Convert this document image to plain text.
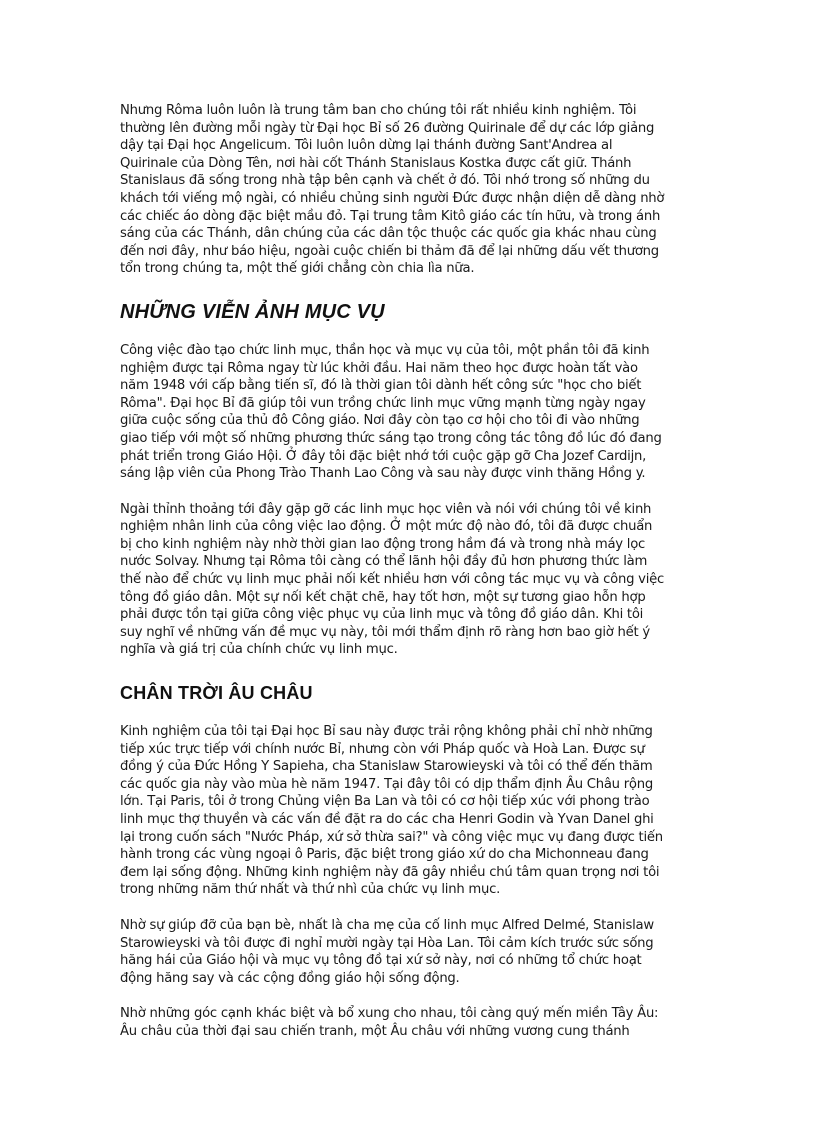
Nhưng Rôma luôn luôn là trung tâm ban cho chúng tôi rất nhiều kinh nghiệm. Tôi
thường lên đường mỗi ngày từ Đại học Bỉ số 26 đường Quirinale để dự các lớp giảng
dậy tại Đại học Angelicum. Tôi luôn luôn dừng lại thánh đường Sant'Andrea al
Quirinale của Dòng Tên, nơi hài cốt Thánh Stanislaus Kostka được cất giữ. Thánh
Stanislaus đã sống trong nhà tập bên cạnh và chết ở đó. Tôi nhớ trong số những du
khách tới viếng mộ ngài, có nhiều chủng sinh người Đức được nhận diện dễ dàng nhờ
các chiếc áo dòng đặc biệt mầu đỏ. Tại trung tâm Kitô giáo các tín hữu, và trong ánh
sáng của các Thánh, dân chúng của các dân tộc thuộc các quốc gia khác nhau cùng
đến nơi đây, như báo hiệu, ngoài cuộc chiến bi thảm đã để lại những dấu vết thương
tổn trong chúng ta, một thế giới chẳng còn chia lìa nữa.
NHỮNG VIỄN ẢNH MỤC VỤ
Công việc đào tạo chức linh mục, thần học và mục vụ của tôi, một phần tôi đã kinh
nghiệm được tại Rôma ngay từ lúc khởi đầu. Hai năm theo học được hoàn tất vào
năm 1948 với cấp bằng tiến sĩ, đó là thời gian tôi dành hết công sức "học cho biết
Rôma". Đại học Bỉ đã giúp tôi vun trồng chức linh mục vững mạnh từng ngày ngay
giữa cuộc sống của thủ đô Công giáo. Nơi đây còn tạo cơ hội cho tôi đi vào những
giao tiếp với một số những phương thức sáng tạo trong công tác tông đồ lúc đó đang
phát triển trong Giáo Hội. Ở đây tôi đặc biệt nhớ tới cuộc gặp gỡ Cha Jozef Cardijn,
sáng lập viên của Phong Trào Thanh Lao Công và sau này được vinh thăng Hồng y.
Ngài thỉnh thoảng tới đây gặp gỡ các linh mục học viên và nói với chúng tôi về kinh
nghiệm nhân linh của công việc lao động. Ở một mức độ nào đó, tôi đã được chuẩn
bị cho kinh nghiệm này nhờ thời gian lao động trong hầm đá và trong nhà máy lọc
nước Solvay. Nhưng tại Rôma tôi càng có thể lãnh hội đầy đủ hơn phương thức làm
thế nào để chức vụ linh mục phải nối kết nhiều hơn với công tác mục vụ và công việc
tông đồ giáo dân. Một sự nối kết chặt chẽ, hay tốt hơn, một sự tương giao hỗn hợp
phải được tồn tại giữa công việc phục vụ của linh mục và tông đồ giáo dân. Khi tôi
suy nghĩ về những vấn đề mục vụ này, tôi mới thẩm định rõ ràng hơn bao giờ hết ý
nghĩa và giá trị của chính chức vụ linh mục.
CHÂN TRỜI ÂU CHÂU
Kinh nghiệm của tôi tại Đại học Bỉ sau này được trải rộng không phải chỉ nhờ những
tiếp xúc trực tiếp với chính nước Bỉ, nhưng còn với Pháp quốc và Hoà Lan. Được sự
đồng ý của Đức Hồng Y Sapieha, cha Stanislaw Starowieyski và tôi có thể đến thăm
các quốc gia này vào mùa hè năm 1947. Tại đây tôi có dịp thẩm định Âu Châu rộng
lớn. Tại Paris, tôi ở trong Chủng viện Ba Lan và tôi có cơ hội tiếp xúc với phong trào
linh mục thợ thuyền và các vấn đề đặt ra do các cha Henri Godin và Yvan Danel ghi
lại trong cuốn sách "Nước Pháp, xứ sở thừa sai?" và công việc mục vụ đang được tiến
hành trong các vùng ngoại ô Paris, đặc biệt trong giáo xứ do cha Michonneau đang
đem lại sống động. Những kinh nghiệm này đã gây nhiều chú tâm quan trọng nơi tôi
trong những năm thứ nhất và thứ nhì của chức vụ linh mục.
Nhờ sự giúp đỡ của bạn bè, nhất là cha mẹ của cố linh mục Alfred Delmé, Stanislaw
Starowieyski và tôi được đi nghỉ mười ngày tại Hòa Lan. Tôi cảm kích trước sức sống
hăng hái của Giáo hội và mục vụ tông đồ tại xứ sở này, nơi có những tổ chức hoạt
động hăng say và các cộng đồng giáo hội sống động.
Nhờ những góc cạnh khác biệt và bổ xung cho nhau, tôi càng quý mến miền Tây Âu:
Âu châu của thời đại sau chiến tranh, một Âu châu với những vương cung thánh
